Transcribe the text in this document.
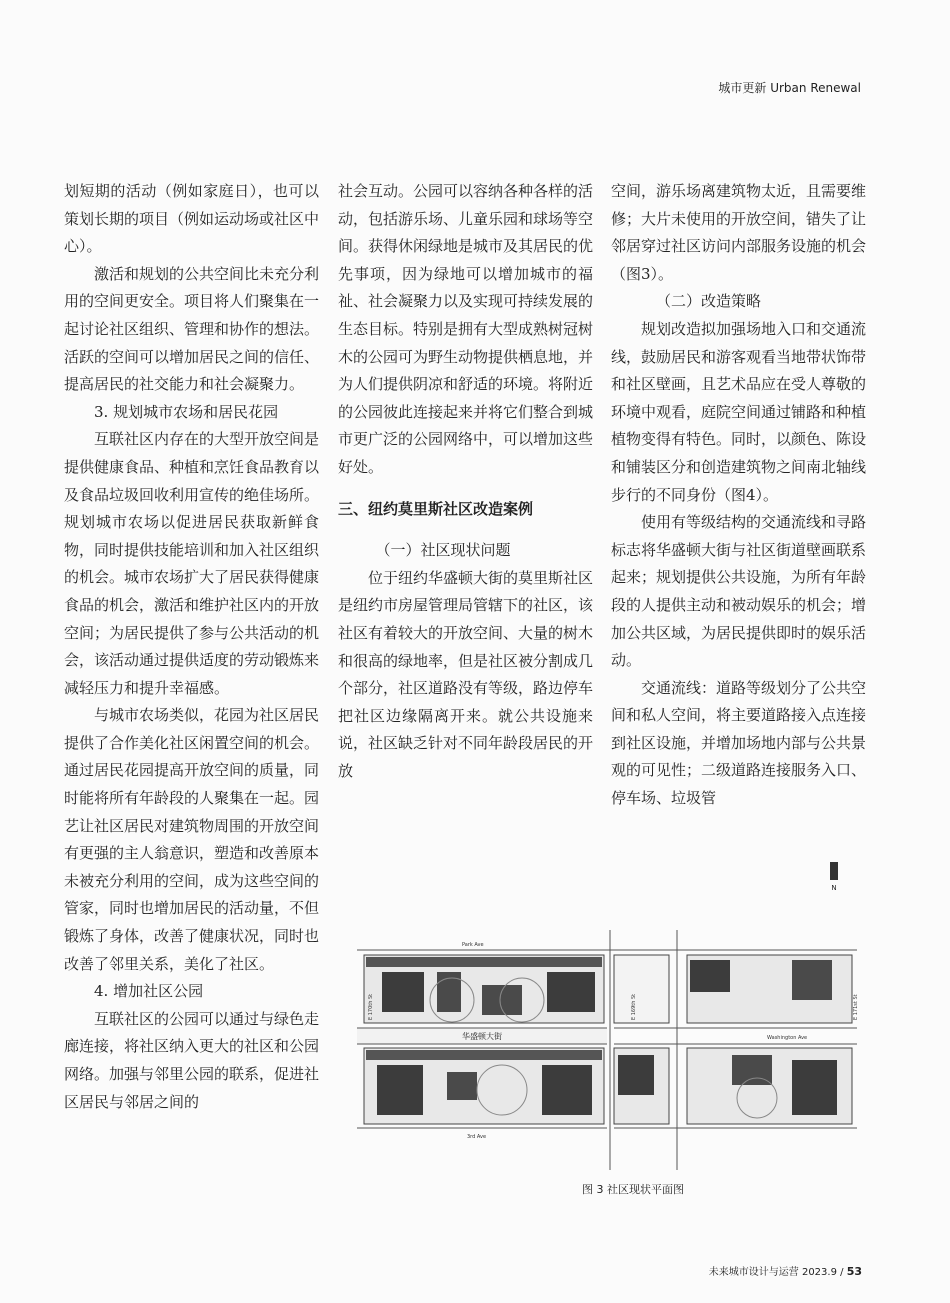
城市更新 Urban Renewal

划短期的活动（例如家庭日），也可以策划长期的项目（例如运动场或社区中心）。

激活和规划的公共空间比未充分利用的空间更安全。项目将人们聚集在一起讨论社区组织、管理和协作的想法。活跃的空间可以增加居民之间的信任、提高居民的社交能力和社会凝聚力。

3. 规划城市农场和居民花园

互联社区内存在的大型开放空间是提供健康食品、种植和烹饪食品教育以及食品垃圾回收利用宣传的绝佳场所。规划城市农场以促进居民获取新鲜食物，同时提供技能培训和加入社区组织的机会。城市农场扩大了居民获得健康食品的机会，激活和维护社区内的开放空间；为居民提供了参与公共活动的机会，该活动通过提供适度的劳动锻炼来减轻压力和提升幸福感。

与城市农场类似，花园为社区居民提供了合作美化社区闲置空间的机会。通过居民花园提高开放空间的质量，同时能将所有年龄段的人聚集在一起。园艺让社区居民对建筑物周围的开放空间有更强的主人翁意识，塑造和改善原本未被充分利用的空间，成为这些空间的管家，同时也增加居民的活动量，不但锻炼了身体，改善了健康状况，同时也改善了邻里关系，美化了社区。

4. 增加社区公园

互联社区的公园可以通过与绿色走廊连接，将社区纳入更大的社区和公园网络。加强与邻里公园的联系，促进社区居民与邻居之间的

社会互动。公园可以容纳各种各样的活动，包括游乐场、儿童乐园和球场等空间。获得休闲绿地是城市及其居民的优先事项，因为绿地可以增加城市的福祉、社会凝聚力以及实现可持续发展的生态目标。特别是拥有大型成熟树冠树木的公园可为野生动物提供栖息地，并为人们提供阴凉和舒适的环境。将附近的公园彼此连接起来并将它们整合到城市更广泛的公园网络中，可以增加这些好处。

三、纽约莫里斯社区改造案例

（一）社区现状问题

位于纽约华盛顿大街的莫里斯社区是纽约市房屋管理局管辖下的社区，该社区有着较大的开放空间、大量的树木和很高的绿地率，但是社区被分割成几个部分，社区道路没有等级，路边停车把社区边缘隔离开来。就公共设施来说，社区缺乏针对不同年龄段居民的开放

空间，游乐场离建筑物太近，且需要维修；大片未使用的开放空间，错失了让邻居穿过社区访问内部服务设施的机会（图3）。

（二）改造策略

规划改造拟加强场地入口和交通流线，鼓励居民和游客观看当地带状饰带和社区壁画，且艺术品应在受人尊敬的环境中观看，庭院空间通过铺路和种植植物变得有特色。同时，以颜色、陈设和铺装区分和创造建筑物之间南北轴线步行的不同身份（图4）。

使用有等级结构的交通流线和寻路标志将华盛顿大街与社区街道壁画联系起来；规划提供公共设施，为所有年龄段的人提供主动和被动娱乐的机会；增加公共区域，为居民提供即时的娱乐活动。

交通流线：道路等级划分了公共空间和私人空间，将主要道路接入点连接到社区设施，并增加场地内部与公共景观的可见性；二级道路连接服务入口、停车场、垃圾管

N
华盛顿大街
Park Ave
3rd Ave
Washington Ave
E 170th St	E 169th St	E 171st St
图 3 社区现状平面图
未来城市设计与运营 2023.9 / 53
